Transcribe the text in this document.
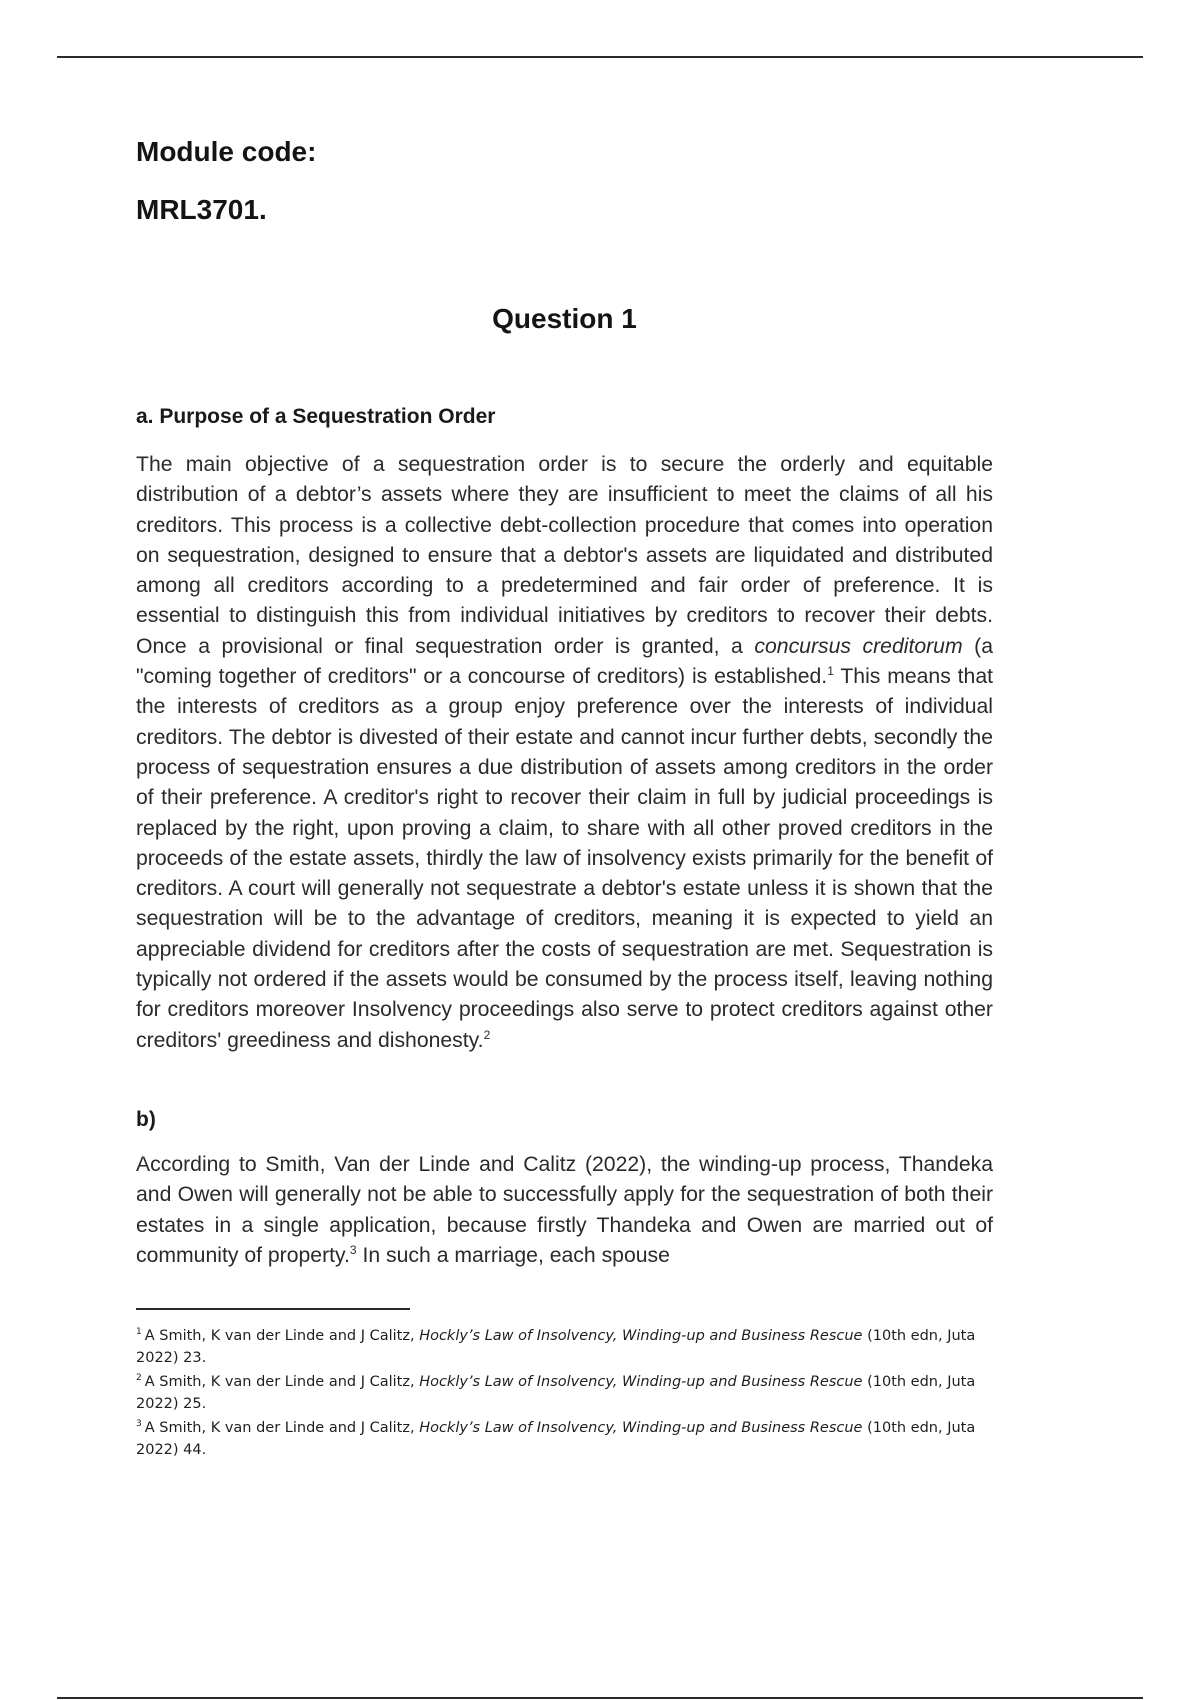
Module code:
MRL3701.
Question 1
a. Purpose of a Sequestration Order

The main objective of a sequestration order is to secure the orderly and equitable distribution of a debtor’s assets where they are insufficient to meet the claims of all his creditors. This process is a collective debt-collection procedure that comes into operation on sequestration, designed to ensure that a debtor's assets are liquidated and distributed among all creditors according to a predetermined and fair order of preference. It is essential to distinguish this from individual initiatives by creditors to recover their debts. Once a provisional or final sequestration order is granted, a concursus creditorum (a "coming together of creditors" or a concourse of creditors) is established.$^1$ This means that the interests of creditors as a group enjoy preference over the interests of individual creditors. The debtor is divested of their estate and cannot incur further debts, secondly the process of sequestration ensures a due distribution of assets among creditors in the order of their preference. A creditor's right to recover their claim in full by judicial proceedings is replaced by the right, upon proving a claim, to share with all other proved creditors in the proceeds of the estate assets, thirdly the law of insolvency exists primarily for the benefit of creditors. A court will generally not sequestrate a debtor's estate unless it is shown that the sequestration will be to the advantage of creditors, meaning it is expected to yield an appreciable dividend for creditors after the costs of sequestration are met. Sequestration is typically not ordered if the assets would be consumed by the process itself, leaving nothing for creditors moreover Insolvency proceedings also serve to protect creditors against other creditors' greediness and dishonesty.$^2$

b)

According to Smith, Van der Linde and Calitz (2022), the winding-up process, Thandeka and Owen will generally not be able to successfully apply for the sequestration of both their estates in a single application, because firstly Thandeka and Owen are married out of community of property.$^3$ In such a marriage, each spouse

$^1$ A Smith, K van der Linde and J Calitz, Hockly’s Law of Insolvency, Winding-up and Business Rescue (10th edn, Juta 2022) 23.

$^2$ A Smith, K van der Linde and J Calitz, Hockly’s Law of Insolvency, Winding-up and Business Rescue (10th edn, Juta 2022) 25.

$^3$ A Smith, K van der Linde and J Calitz, Hockly’s Law of Insolvency, Winding-up and Business Rescue (10th edn, Juta 2022) 44.
